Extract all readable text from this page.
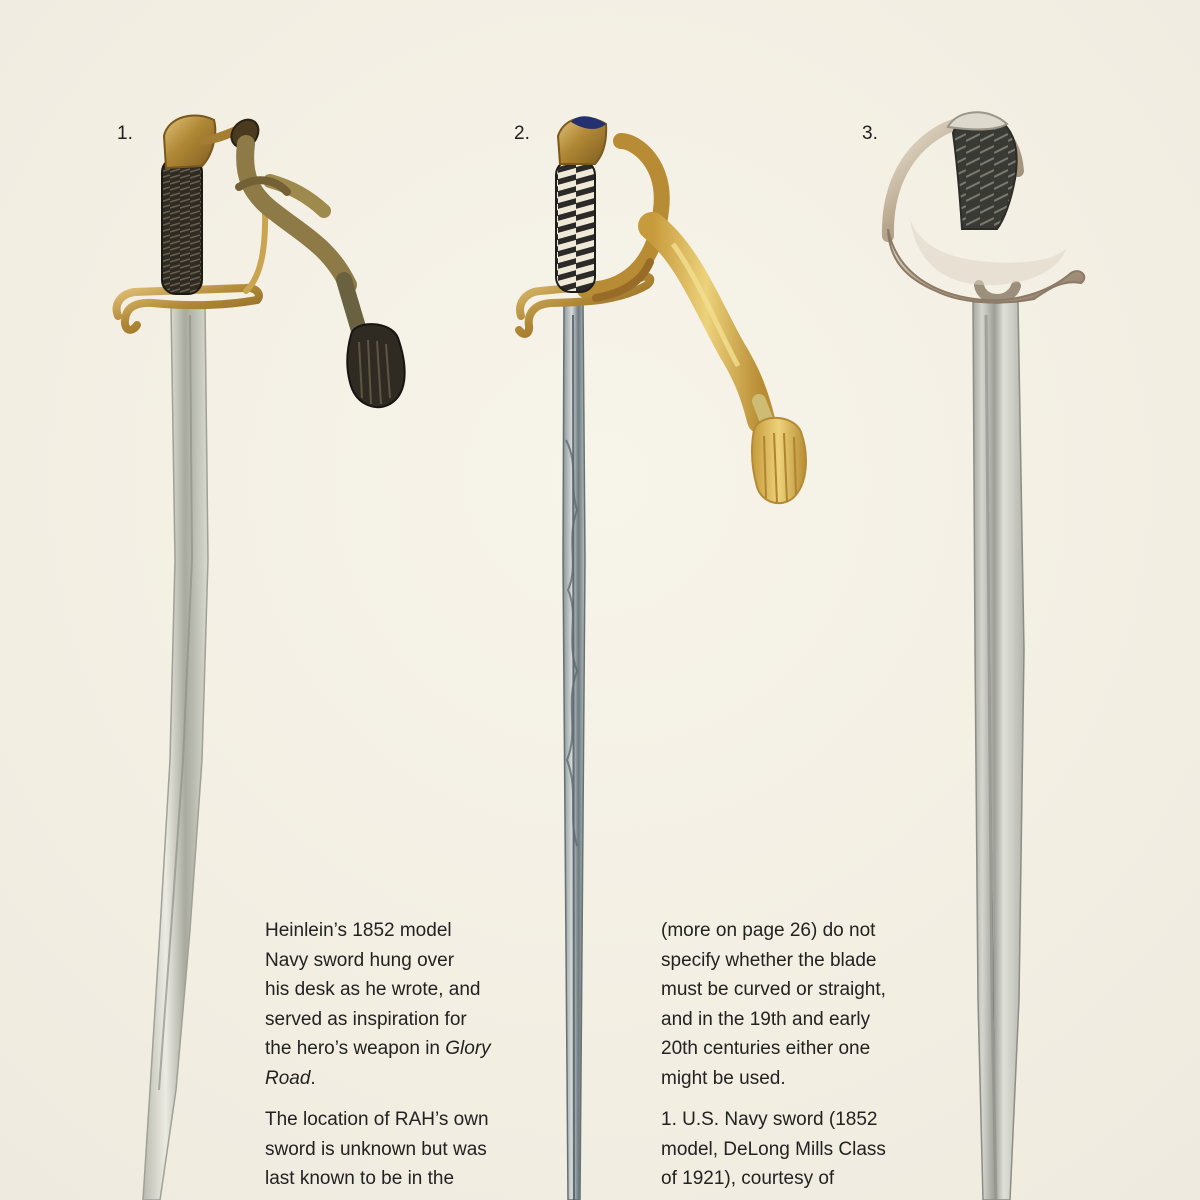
1.	2.	3.

Heinlein’s 1852 model
Navy sword hung over
his desk as he wrote, and
served as inspiration for
the hero’s weapon in Glory
Road.

The location of RAH’s own
sword is unknown but was
last known to be in the

(more on page 26) do not
specify whether the blade
must be curved or straight,
and in the 19th and early
20th centuries either one
might be used.

1. U.S. Navy sword (1852
model, DeLong Mills Class
of 1921), courtesy of
